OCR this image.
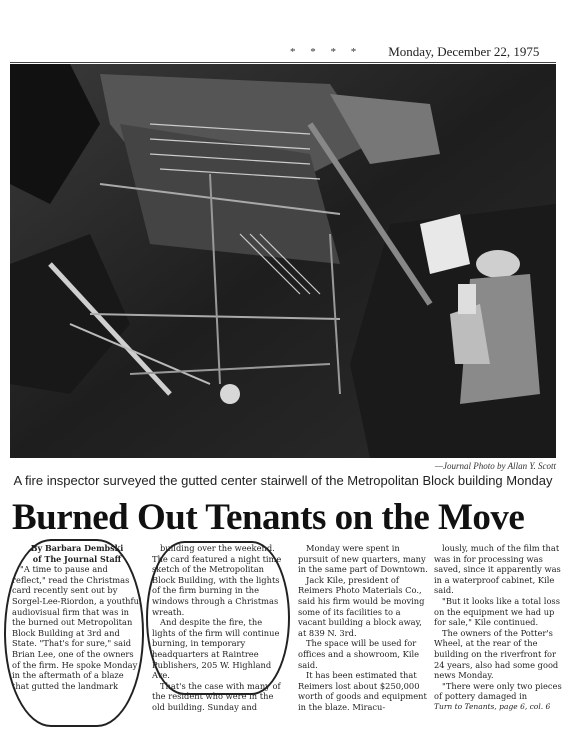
* * * * Monday, December 22, 1975
—Journal Photo by Allan Y. Scott
A fire inspector surveyed the gutted center stairwell of the Metropolitan Block building Monday
Burned Out Tenants on the Move

By Barbara Dembski

of The Journal Staff

"A time to pause and reflect," read the Christmas card recently sent out by Sorgel-Lee-Riordon, a youthful audiovisual firm that was in the burned out Metropolitan Block Building at 3rd and State. "That's for sure," said Brian Lee, one of the owners of the firm. He spoke Monday in the aftermath of a blaze that gutted the landmark

building over the weekend. The card featured a night time sketch of the Metropolitan Block Building, with the lights of the firm burning in the windows through a Christmas wreath.

And despite the fire, the lights of the firm will continue burning, in temporary headquarters at Raintree Publishers, 205 W. Highland Ave.

That's the case with many of the resident who were in the old building. Sunday and

Monday were spent in pursuit of new quarters, many in the same part of Downtown.

Jack Kile, president of Reimers Photo Materials Co., said his firm would be moving some of its facilities to a vacant building a block away, at 839 N. 3rd.

The space will be used for offices and a showroom, Kile said.

It has been estimated that Reimers lost about $250,000 worth of goods and equipment in the blaze. Miracu-

lously, much of the film that was in for processing was saved, since it apparently was in a waterproof cabinet, Kile said.

"But it looks like a total loss on the equipment we had up for sale," Kile continued.

The owners of the Potter's Wheel, at the rear of the building on the riverfront for 24 years, also had some good news Monday.

"There were only two pieces of pottery damaged in

Turn to Tenants, page 6, col. 6
